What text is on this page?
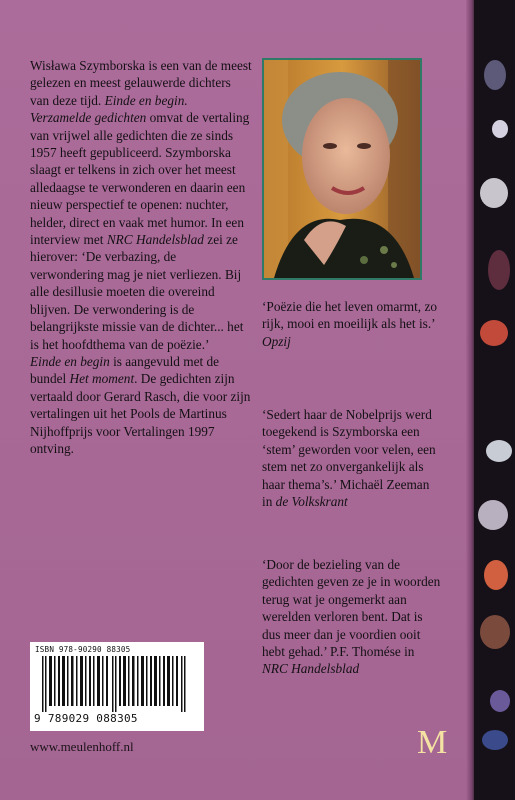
Wisława Szymborska is een van de meest gelezen en meest gelauwerde dichters van deze tijd. Einde en begin. Verzamelde gedichten omvat de vertaling van vrijwel alle gedichten die ze sinds 1957 heeft gepubliceerd. Szymborska slaagt er telkens in zich over het meest alledaagse te verwonderen en daarin een nieuw perspectief te openen: nuchter, helder, direct en vaak met humor. In een interview met NRC Handelsblad zei ze hierover: ‘De verbazing, de verwondering mag je niet verliezen. Bij alle desillusie moeten die overeind blijven. De verwondering is de belangrijkste missie van de dichter... het is het hoofdthema van de poëzie.’

Einde en begin is aangevuld met de bundel Het moment. De gedichten zijn vertaald door Gerard Rasch, die voor zijn vertalingen uit het Pools de Martinus Nijhoffprijs voor Vertalingen 1997 ontving.

‘Poëzie die het leven omarmt, zo rijk, mooi en moeilijk als het is.’ Opzij

‘Sedert haar de Nobelprijs werd toegekend is Szymborska een ‘stem’ geworden voor velen, een stem net zo onvergankelijk als haar thema’s.’ Michaël Zeeman in de Volkskrant

‘Door de bezieling van de gedichten geven ze je in woorden terug wat je ongemerkt aan werelden verloren bent. Dat is dus meer dan je voordien ooit hebt gehad.’ P.F. Thomése in NRC Handelsblad

ISBN 978-90290 88305
9 789029 088305
www.meulenhoff.nl	M
